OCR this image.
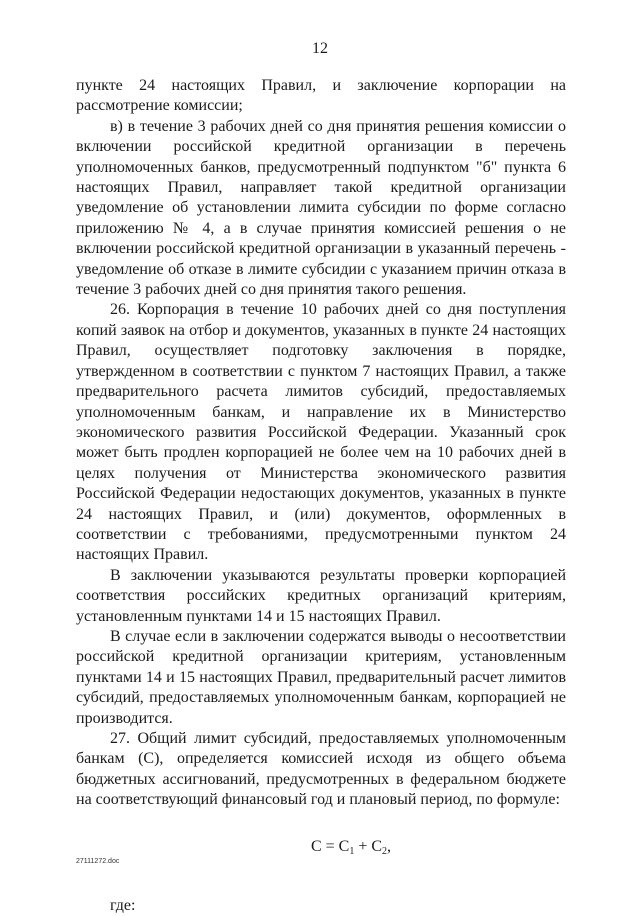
12

пункте 24 настоящих Правил, и заключение корпорации на рассмотрение комиссии;

в) в течение 3 рабочих дней со дня принятия решения комиссии о включении российской кредитной организации в перечень уполномоченных банков, предусмотренный подпунктом "б" пункта 6 настоящих Правил, направляет такой кредитной организации уведомление об установлении лимита субсидии по форме согласно приложению № 4, а в случае принятия комиссией решения о не включении российской кредитной организации в указанный перечень - уведомление об отказе в лимите субсидии с указанием причин отказа в течение 3 рабочих дней со дня принятия такого решения.

26. Корпорация в течение 10 рабочих дней со дня поступления копий заявок на отбор и документов, указанных в пункте 24 настоящих Правил, осуществляет подготовку заключения в порядке, утвержденном в соответствии с пунктом 7 настоящих Правил, а также предварительного расчета лимитов субсидий, предоставляемых уполномоченным банкам, и направление их в Министерство экономического развития Российской Федерации. Указанный срок может быть продлен корпорацией не более чем на 10 рабочих дней в целях получения от Министерства экономического развития Российской Федерации недостающих документов, указанных в пункте 24 настоящих Правил, и (или) документов, оформленных в соответствии с требованиями, предусмотренными пунктом 24 настоящих Правил.

В заключении указываются результаты проверки корпорацией соответствия российских кредитных организаций критериям, установленным пунктами 14 и 15 настоящих Правил.

В случае если в заключении содержатся выводы о несоответствии российской кредитной организации критериям, установленным пунктами 14 и 15 настоящих Правил, предварительный расчет лимитов субсидий, предоставляемых уполномоченным банкам, корпорацией не производится.

27. Общий лимит субсидий, предоставляемых уполномоченным банкам (C), определяется комиссией исходя из общего объема бюджетных ассигнований, предусмотренных в федеральном бюджете на соответствующий финансовый год и плановый период, по формуле:

$C = C_1 + C_2$,

где:

27111272.doc
